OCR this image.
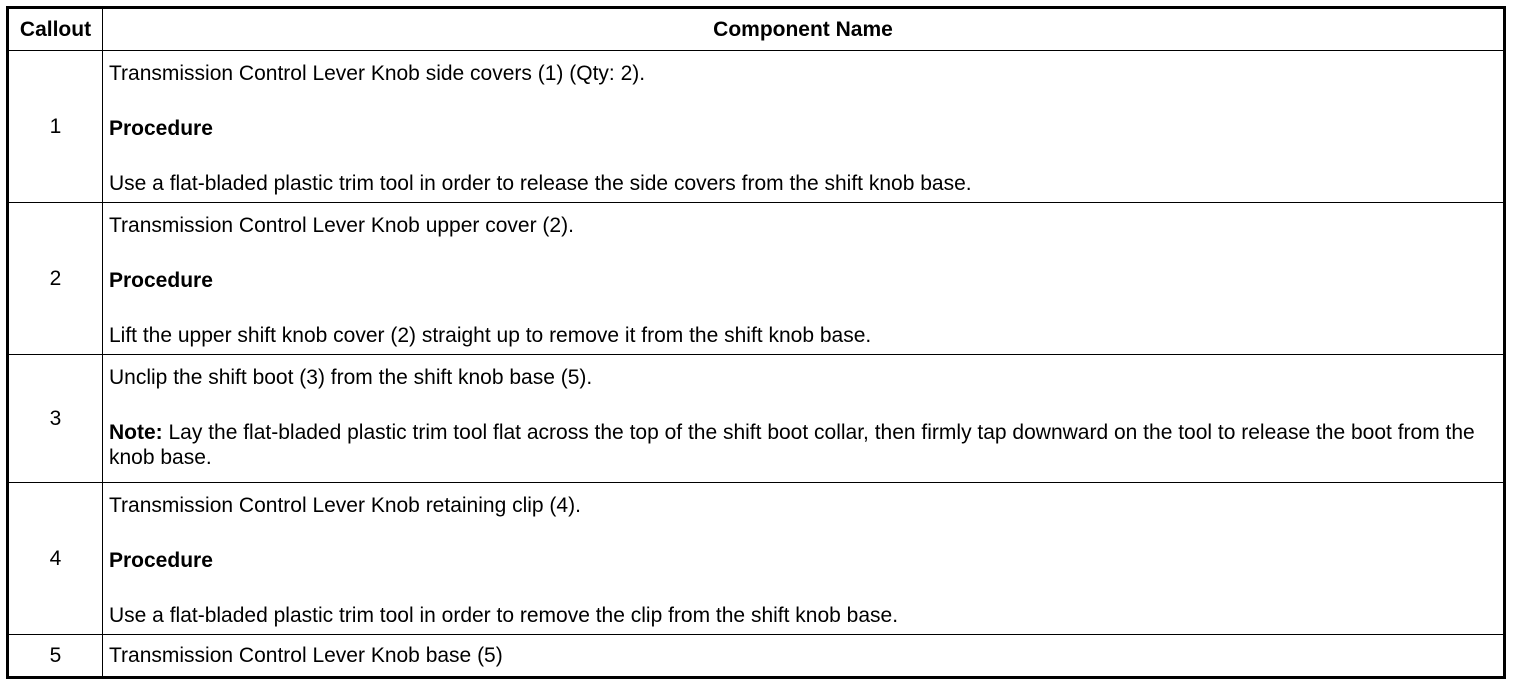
Callout	Component Name
1

Transmission Control Lever Knob side covers (1) (Qty: 2).

Procedure

Use a flat-bladed plastic trim tool in order to release the side covers from the shift knob base.

2

Transmission Control Lever Knob upper cover (2).

Procedure

Lift the upper shift knob cover (2) straight up to remove it from the shift knob base.

3

Unclip the shift boot (3) from the shift knob base (5).

Note: Lay the flat-bladed plastic trim tool flat across the top of the shift boot collar, then firmly tap downward on the tool to release the boot from the knob base.

4

Transmission Control Lever Knob retaining clip (4).

Procedure

Use a flat-bladed plastic trim tool in order to remove the clip from the shift knob base.

5	Transmission Control Lever Knob base (5)
